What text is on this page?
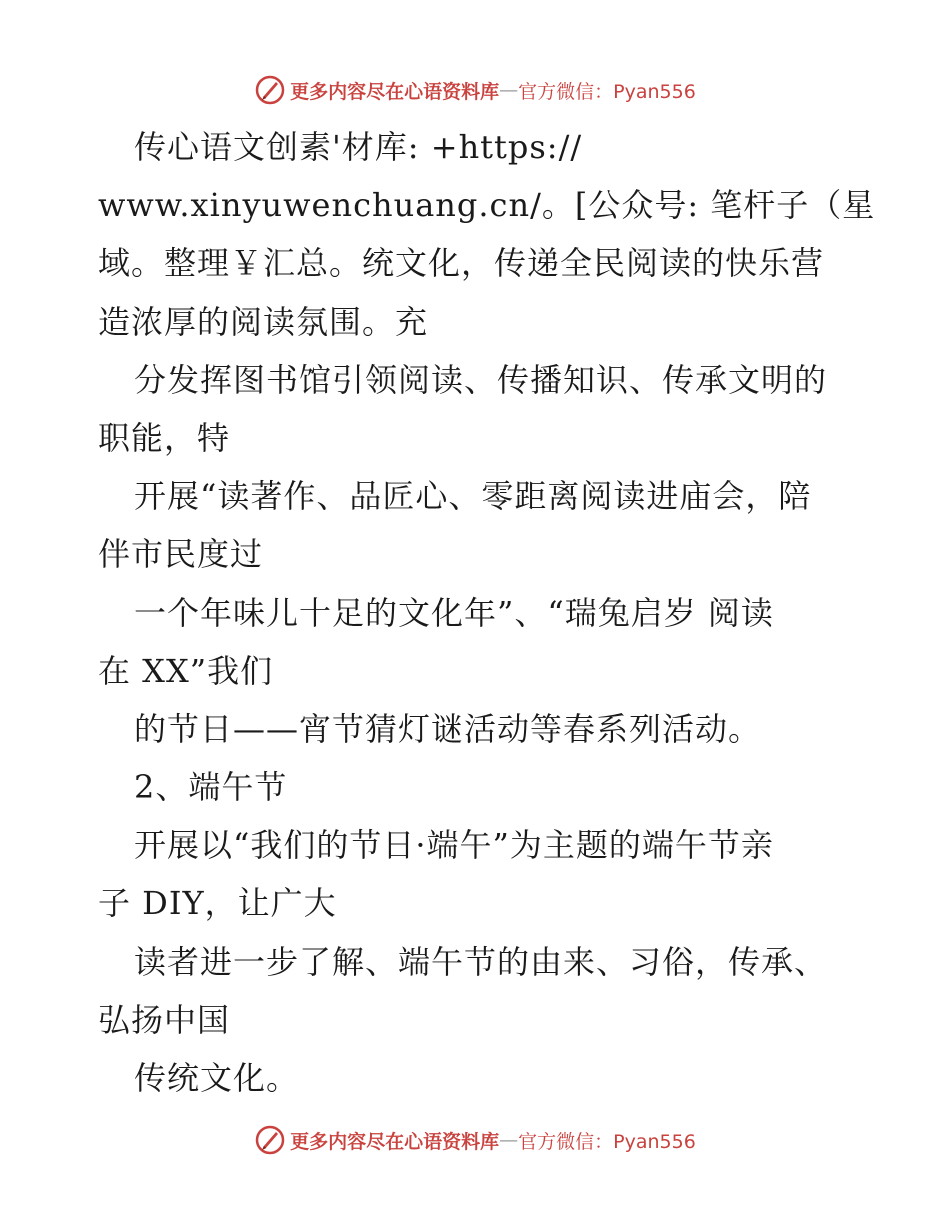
更多内容尽在心语资料库 — 官方微信：Pyan556
传心语文创素'材库: +https://
www.xinyuwenchuang.cn/。[公众号: 笔杆子（星
域。整理￥汇总。统文化，传递全民阅读的快乐营
造浓厚的阅读氛围。充
分发挥图书馆引领阅读、传播知识、传承文明的
职能，特
开展“读著作、品匠心、零距离阅读进庙会，陪
伴市民度过
一个年味儿十足的文化年”、“瑞兔启岁 阅读
在 XX”我们
的节日——宵节猜灯谜活动等春系列活动。
2、端午节
开展以“我们的节日·端午”为主题的端午节亲
子 DIY，让广大
读者进一步了解、端午节的由来、习俗，传承、
弘扬中国
传统文化。
更多内容尽在心语资料库 — 官方微信：Pyan556
